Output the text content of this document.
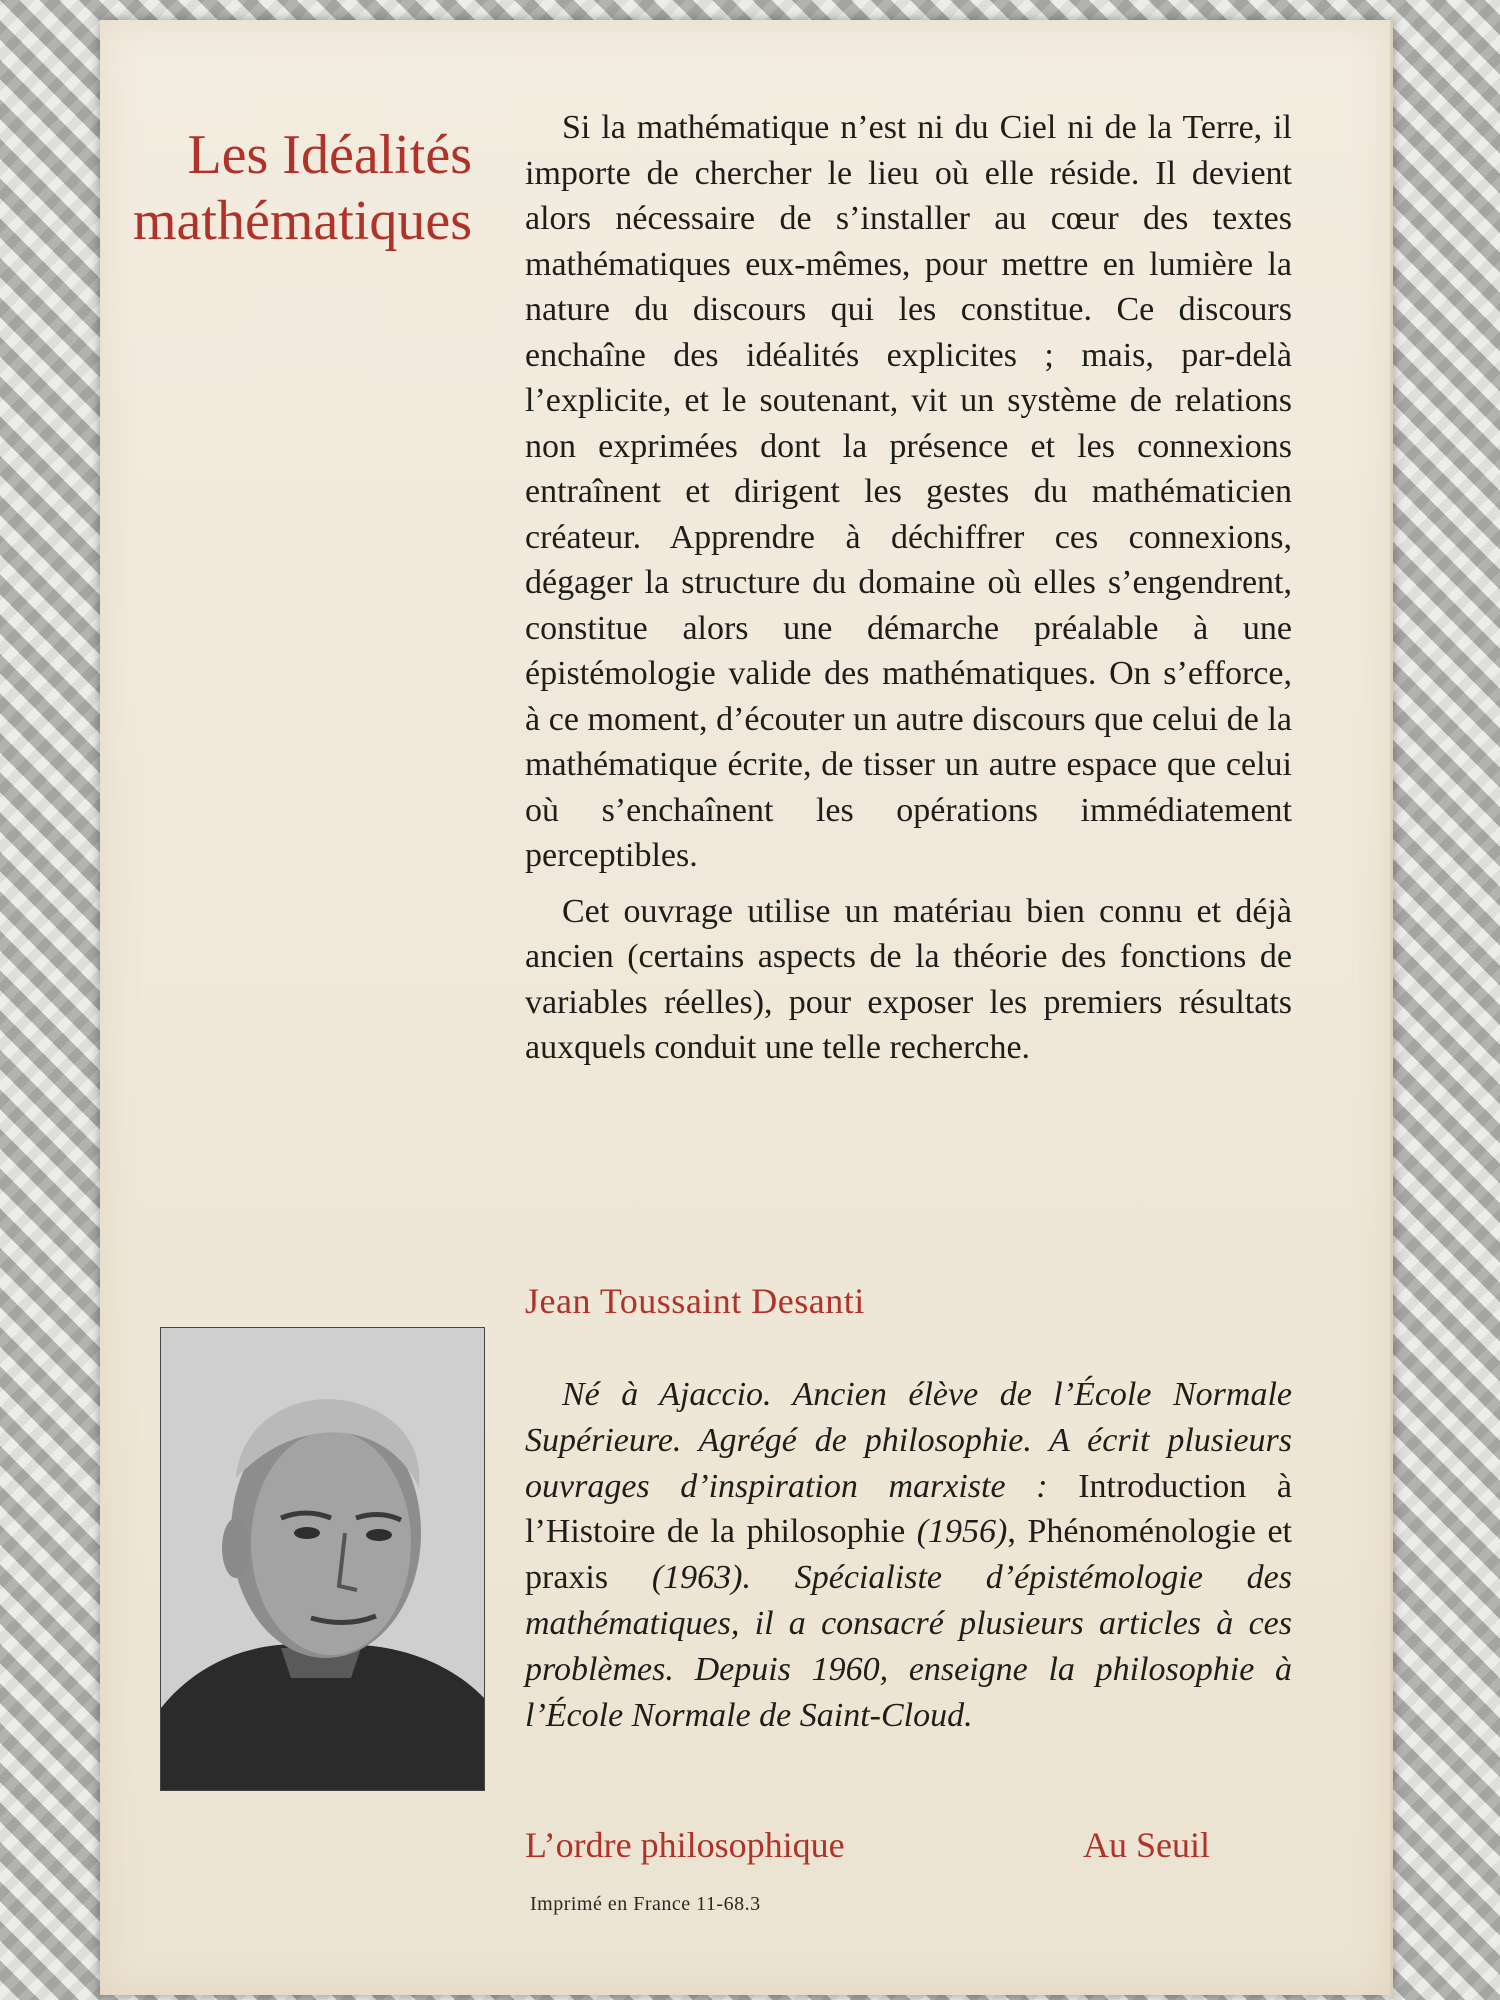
Les Idéalités
mathématiques

Si la mathématique n’est ni du Ciel ni de la Terre, il importe de chercher le lieu où elle réside. Il devient alors nécessaire de s’installer au cœur des textes mathématiques eux-mêmes, pour mettre en lumière la nature du discours qui les constitue. Ce discours enchaîne des idéalités explicites ; mais, par-delà l’explicite, et le soutenant, vit un système de relations non exprimées dont la présence et les connexions entraînent et dirigent les gestes du mathématicien créateur. Apprendre à déchiffrer ces connexions, dégager la structure du domaine où elles s’engendrent, constitue alors une démarche préalable à une épistémologie valide des mathématiques. On s’efforce, à ce moment, d’écouter un autre discours que celui de la mathématique écrite, de tisser un autre espace que celui où s’enchaînent les opérations immédiatement perceptibles.

Cet ouvrage utilise un matériau bien connu et déjà ancien (certains aspects de la théorie des fonctions de variables réelles), pour exposer les premiers résultats auxquels conduit une telle recherche.

Jean Toussaint Desanti
Né à Ajaccio. Ancien élève de l’École Normale Supérieure. Agrégé de philosophie. A écrit plusieurs ouvrages d’inspiration marxiste : Introduction à l’Histoire de la philosophie (1956), Phénoménologie et praxis (1963). Spécialiste d’épistémologie des mathématiques, il a consacré plusieurs articles à ces problèmes. Depuis 1960, enseigne la philosophie à l’École Normale de Saint-Cloud.
L’ordre philosophique	Au Seuil
Imprimé en France 11-68.3
